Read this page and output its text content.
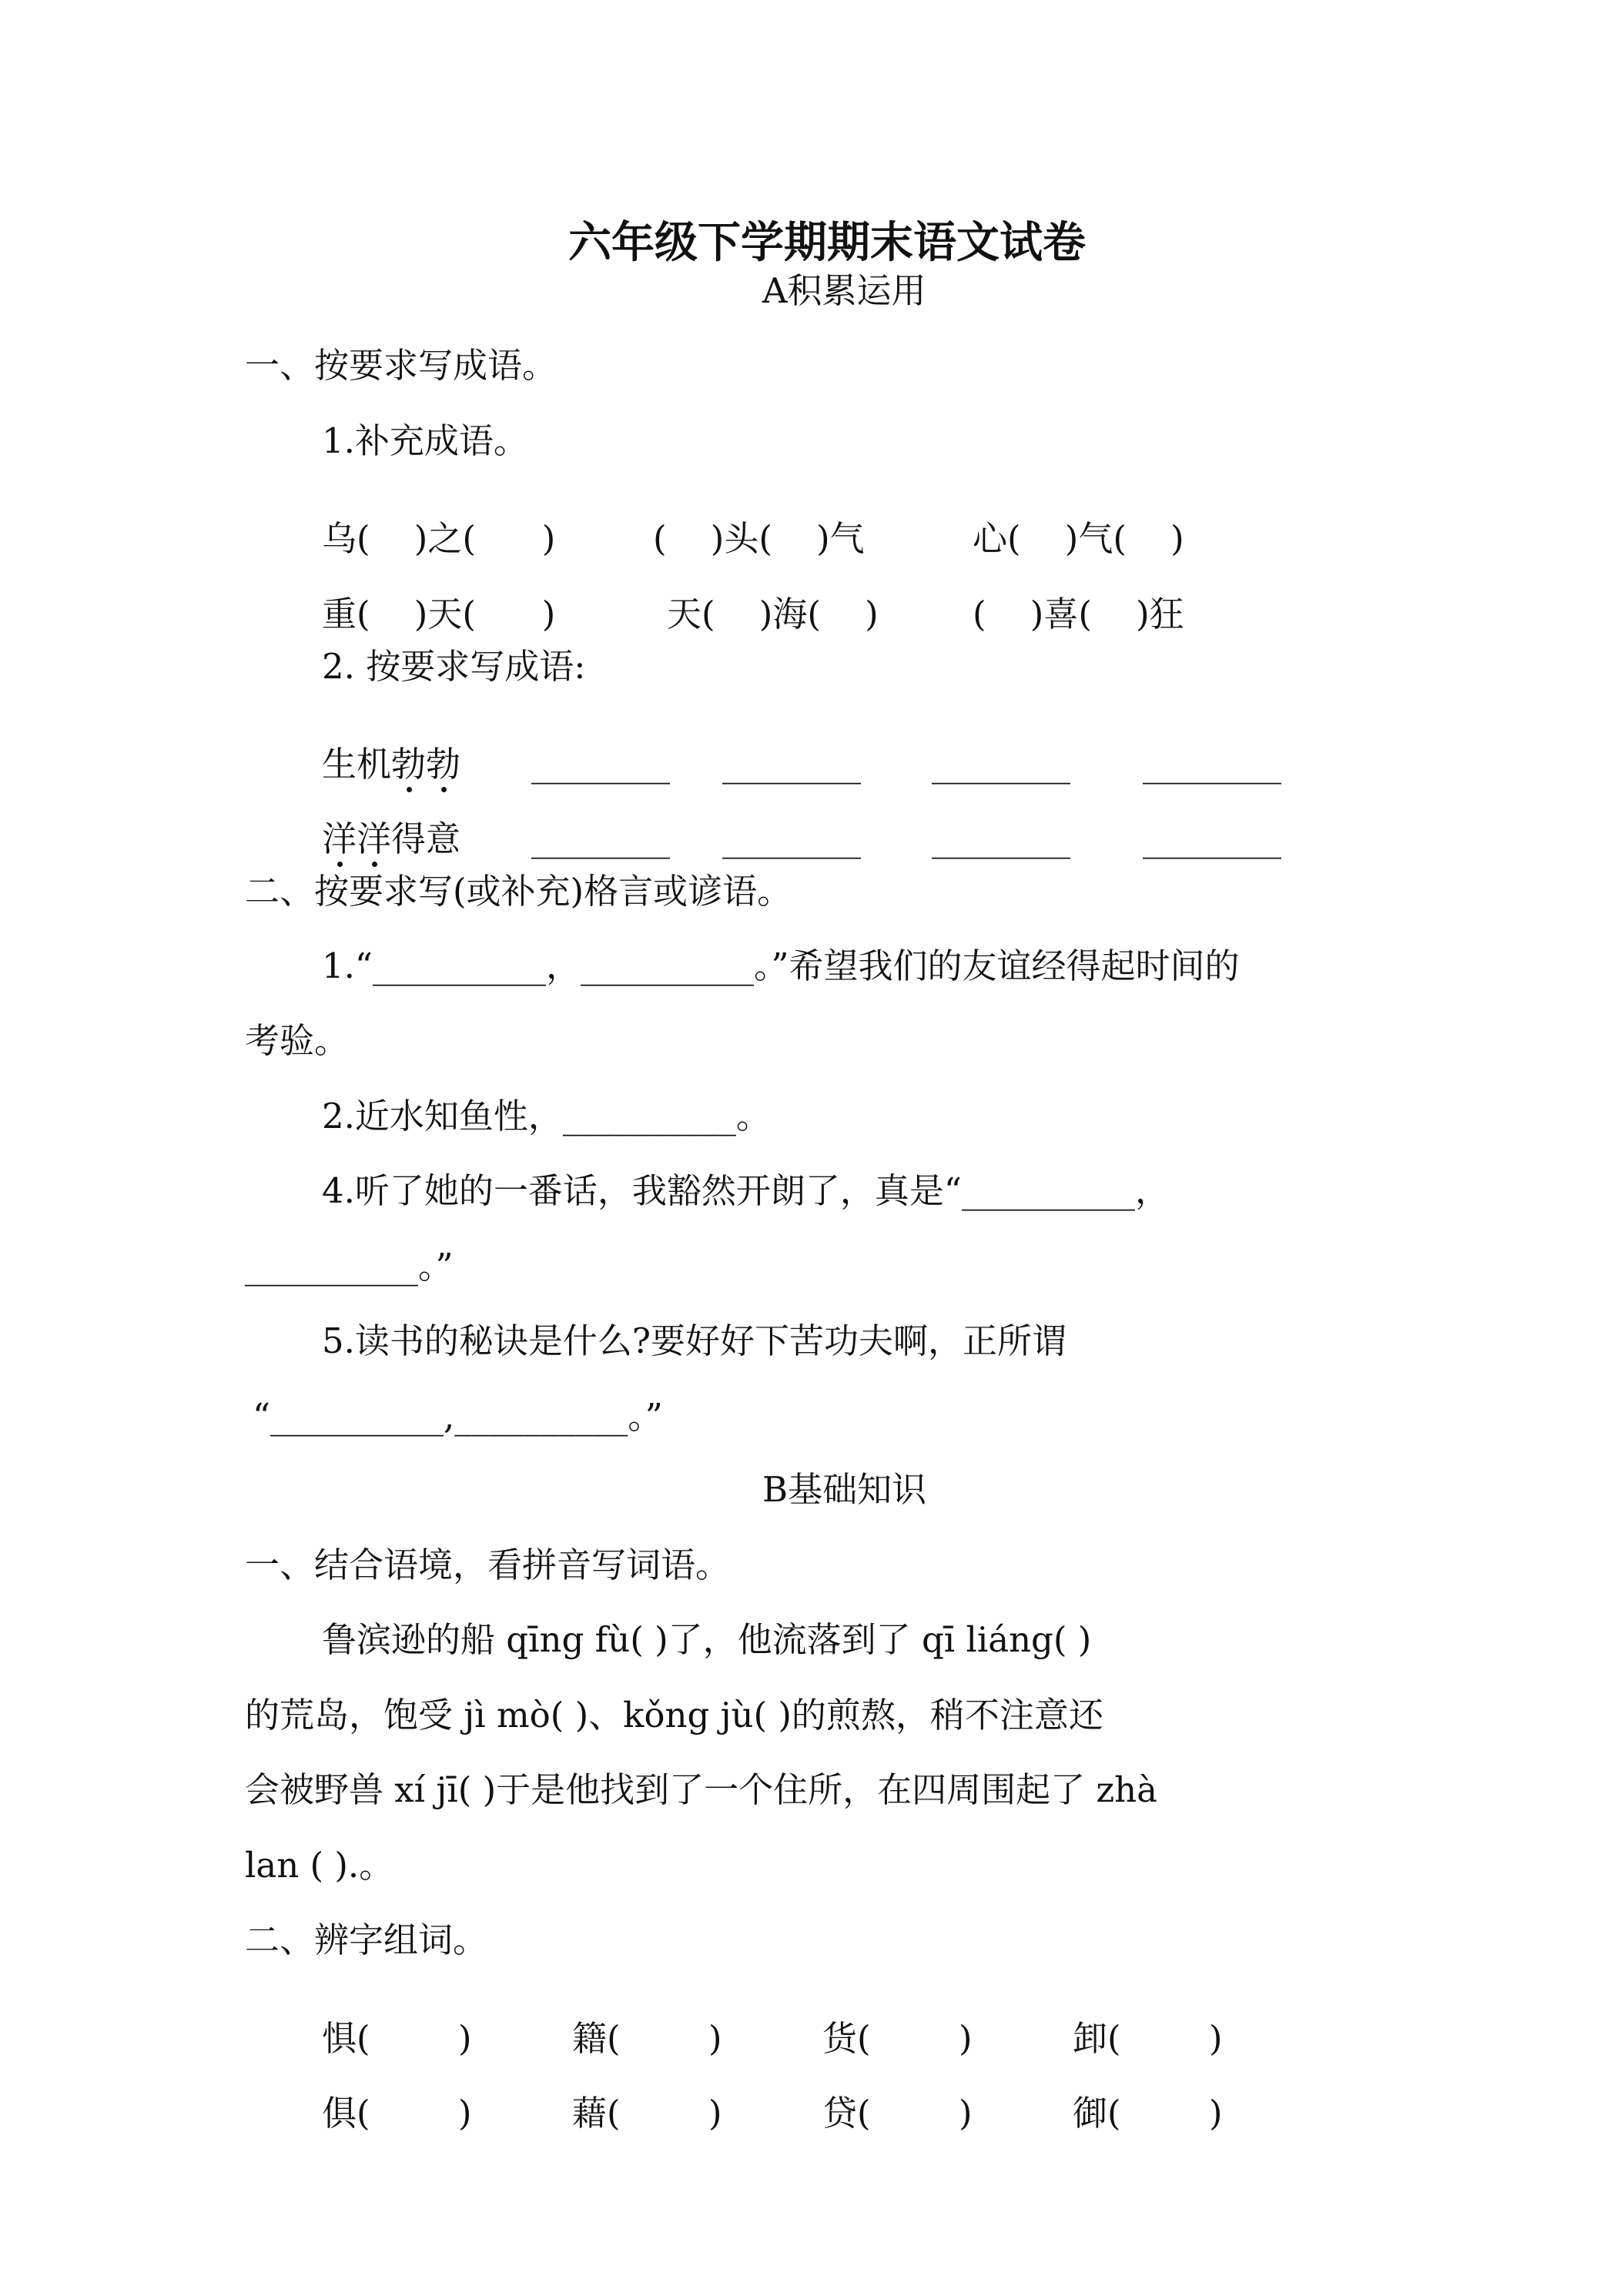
六年级下学期期末语文试卷
A积累运用
一、按要求写成语。
1.补充成语。
乌(    )之(      )	(    )头(    )气	心(    )气(    )
重(    )天(      )	天(    )海(    )	(    )喜(    )狂
2. 按要求写成语:
生机勃勃 ________ ________ ________ ________
洋洋得意 ________ ________ ________ ________
二、按要求写(或补充)格言或谚语。
1.“__________，__________。”希望我们的友谊经得起时间的
考验。
2.近水知鱼性，__________。
4.听了她的一番话，我豁然开朗了，真是“__________，
__________。”
5.读书的秘诀是什么?要好好下苦功夫啊，正所谓
“__________,__________。”
B基础知识
一、结合语境，看拼音写词语。
鲁滨逊的船 qīng fù( )了，他流落到了 qī liáng( )
的荒岛，饱受 jì mò( )、kǒng jù( )的煎熬，稍不注意还
会被野兽 xí jī( )于是他找到了一个住所，在四周围起了 zhà
lan ( ).。
二、辨字组词。
惧(        )	籍(        )	货(        )	卸(        )
俱(        )	藉(        )	贷(        )	御(        )
